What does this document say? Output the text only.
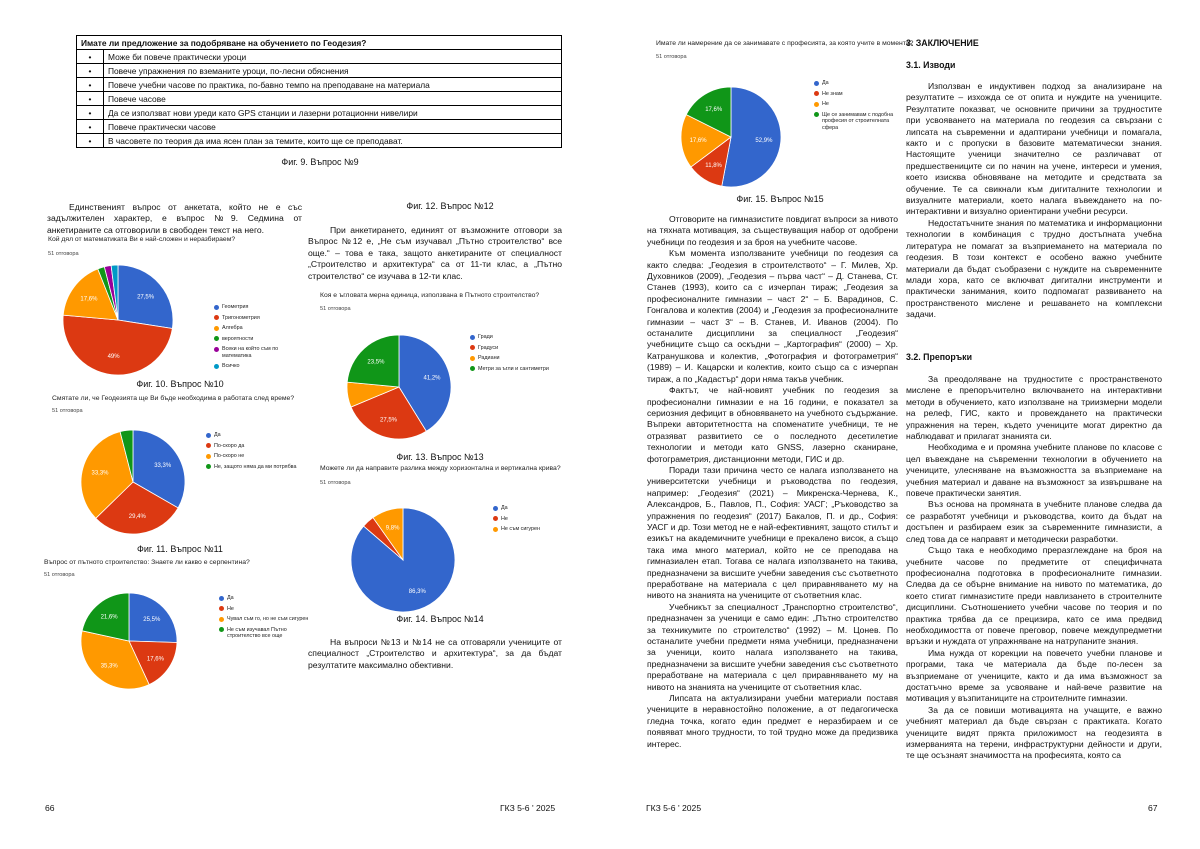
Имате ли предложение за подобряване на обучението по Геодезия?	
•	Може би повече практически уроци
•	Повече упражнения по вземаните уроци, по-лесни обяснения
•	Повече учебни часове по практика, по-бавно темпо на преподаване на материала
•	Повече часове
•	Да се използват нови уреди като GPS станции и лазерни ротационни нивелири
•	Повече практически часове
•	В часовете по теория да има ясен план за темите, които ще се преподават.
Фиг. 9. Въпрос №9

Единственият въпрос от анкетата, който не е със задължителен характер, е въпрос №9. Седмина от анкетираните са отговорили в свободен текст на него.

Фиг. 12. Въпрос №12

При анкетирането, единият от възможните отговори за Въпрос №12 е, „Не съм изучавал „Пътно строителство“ все още.“ – това е така, защото анкетираните от специалност „Строителство и архитектура“ са от 11-ти клас, а „Пътно строителство“ се изучава в 12-ти клас.

Кой дял от математиката Ви е най-сложен и неразбираем?
51 отговора
27,5%
49%
17,6%
Геометрия
Тригонометрия
Алгебра
вероятности
Всеки на който съм по математика
Всичко
Фиг. 10. Въпрос №10
Смятате ли, че Геодезията ще Ви бъде необходима в работата след време?
51 отговора
33,3%
29,4%
33,3%
Да
По-скоро да
По-скоро не
Не, защото няма да ми потрябва
Фиг. 11. Въпрос №11
Въпрос от пътното строителство: Знаете ли какво е серпентина?
51 отговора
25,5%
17,6%
35,3%
21,6%
Да
Не
Чувал съм го, но не съм сигурен
Не съм изучавал Пътно строителство все още
Коя е ъгловата мерна единица, използвана в Пътното строителство?
51 отговора
41,2%
27,5%
23,5%
Гради
Градуси
Радиани
Метри за ъгли и сантиметри
Фиг. 13. Въпрос №13
Можете ли да направите разлика между хоризонтална и вертикална крива?
51 отговора
86,3%
9,8%
Да
Не
Не съм сигурен
Фиг. 14. Въпрос №14

На въпроси №13 и №14 не са отговаряли учениците от специалност „Строителство и архитектура“, за да бъдат резултатите максимално обективни.

66	ГКЗ 5-6 ' 2025
Имате ли намерение да се занимавате с професията, за която учите в момента?
51 отговора
52,9%
11,8%
17,6%
17,6%
Да
Не знам
Не
Ще се занимавам с подобна професия от строителната сфера
Фиг. 15. Въпрос №15

Отговорите на гимназистите повдигат въпроси за нивото на тяхната мотивация, за съществуващия набор от одобрени учебници по геодезия и за броя на учебните часове.

Към момента използваните учебници по геодезия са както следва: „Геодезия в строителството“ – Г. Милев, Хр. Духовников (2009), „Геодезия – първа част“ – Д. Станева, Ст. Станев (1993), които са с изчерпан тираж; „Геодезия за професионалните гимназии – част 2“ – Б. Варадинов, С. Гонгалова и колектив (2004) и „Геодезия за професионалните гимназии – част 3“ – В. Станев, И. Иванов (2004). По останалите дисциплини за специалност „Геодезия“ учебниците също са оскъдни – „Картография“ (2000) – Хр. Катранушкова и колектив, „Фотография и фотограметрия“ (1989) – И. Кацарски и колектив, които също са с изчерпан тираж, а по „Кадастър“ дори няма такъв учебник.

Фактът, че най-новият учебник по геодезия за професионални гимназии е на 16 години, е показател за сериозния дефицит в обновяването на учебното съдържание. Въпреки авторитетността на споменатите учебници, те не отразяват развитието се о последното десетилетие технологии и методи като GNSS, лазерно сканиране, фотограметрия, дистанционни методи, ГИС и др.

Поради тази причина често се налага използването на университетски учебници и ръководства по геодезия, например: „Геодезия“ (2021) – Микренска-Чернева, К., Александров, Б., Павлов, П., София: УАСГ; „Ръководство за упражнения по геодезия“ (2017) Бакалов, П. и др., София: УАСГ и др. Този метод не е най-ефективният, защото стилът и езикът на академичните учебници е прекалено висок, а също така има много материал, който не се преподава на гимназиален етап. Тогава се налага използването на такива, предназначени за висшите учебни заведения със съответното преработване на материала с цел приравняването му на нивото на знанията на учениците от съответния клас.

Учебникът за специалност „Транспортно строителство“, предназначен за ученици е само един: „Пътно строителство за техникумите по строителство“ (1992) – М. Цонев. По останалите учебни предмети няма учебници, предназначени за ученици, които налага използването на такива, предназначени за висшите учебни заведения със съответното преработване на материала с цел приравняването му на нивото на знанията на учениците от съответния клас.

Липсата на актуализирани учебни материали поставя учениците в неравностойно положение, а от педагогическа гледна точка, когато един предмет е неразбираем и се появяват много трудности, то той трудно може да предизвика интерес.

3. ЗАКЛЮЧЕНИЕ
3.1. Изводи

Използван е индуктивен подход за анализиране на резултатите – изхожда се от опита и нуждите на учениците. Резултатите показват, че основните причини за трудностите при усвояването на материала по геодезия са свързани с липсата на съвременни и адаптирани учебници и помагала, както и с пропуски в базовите математически знания. Настоящите ученици значително се различават от предшествениците си по начин на учене, интереси и умения, което изисква обновяване на методите и средствата за обучение. Те са свикнали към дигиталните технологии и визуалните материали, което налага въвеждането на по-интерактивни и визуално ориентирани учебни ресурси.

Недостатъчните знания по математика и информационни технологии в комбинация с трудно достъпната учебна литература не помагат за възприемането на материала по геодезия. В този контекст е особено важно учебните материали да бъдат съобразени с нуждите на съвременните млади хора, като се включват дигитални инструменти и практически занимания, които подпомагат развиването на пространственото мислене и решаването на комплексни задачи.

3.2. Препоръки

За преодоляване на трудностите с пространственото мислене е препоръчително включването на интерактивни методи в обучението, като използване на триизмерни модели на релеф, ГИС, както и провеждането на практически упражнения на терен, където учениците могат директно да наблюдават и прилагат знанията си.

Необходима е и промяна учебните планове по класове с цел въвеждане на съвременни технологии в обучението на учениците, улесняване на възможността за възприемане на учебния материал и даване на възможност за извършване на повече практически занятия.

Въз основа на промяната в учебните планове следва да се разработят учебници и ръководства, които да бъдат на достъпен и разбираем език за съвременните гимназисти, а след това да се направят и методически разработки.

Също така е необходимо преразглеждане на броя на учебните часове по предметите от специфичната професионална подготовка в професионалните гимназии. Следва да се обърне внимание на нивото по математика, до което стигат гимназистите преди навлизането в строителните дисциплини. Съотношението учебни часове по теория и по практика трябва да се прецизира, като се има предвид необходимостта от повече преговор, повече междупредметни връзки и нуждата от упражняване на натрупаните знания.

Има нужда от корекции на повечето учебни планове и програми, така че материала да бъде по-лесен за възприемане от учениците, както и да има възможност за достатъчно време за усвояване и най-вече развитие на мотивация у възпитаниците на строителните гимназии.

За да се повиши мотивацията на учащите, е важно учебният материал да бъде свързан с практиката. Когато учениците видят прякта приложимост на геодезията в измерванията на терени, инфраструктурни дейности и други, те ще осъзнаят значимостта на професията, която са

ГКЗ 5-6 ' 2025	67
